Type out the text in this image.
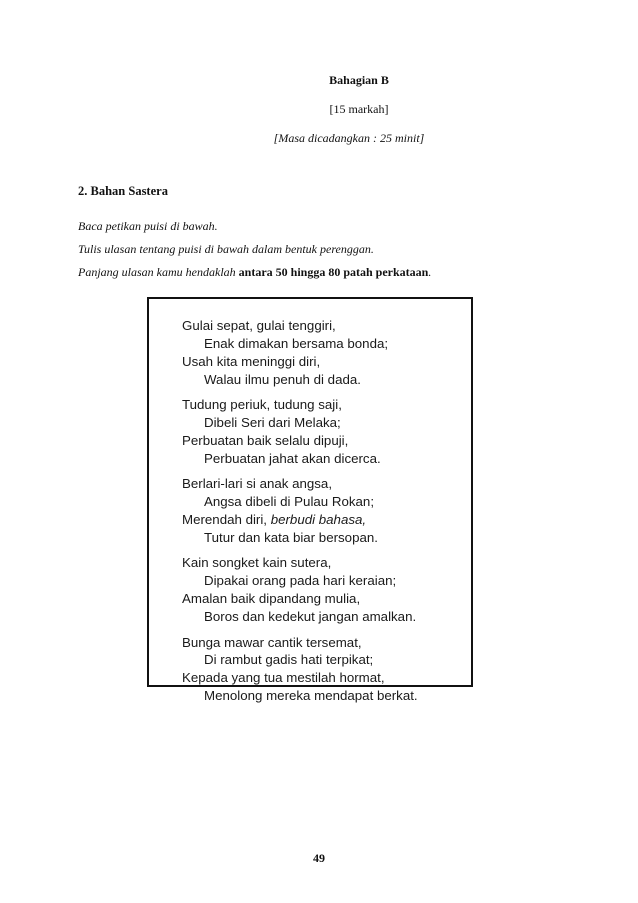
Bahagian B
[15 markah]
[Masa dicadangkan : 25 minit]
2. Bahan Sastera
Baca petikan puisi di bawah.
Tulis ulasan tentang puisi di bawah dalam bentuk perenggan.
Panjang ulasan kamu hendaklah antara 50 hingga 80 patah perkataan.
Gulai sepat, gulai tenggiri,
Enak dimakan bersama bonda;
Usah kita meninggi diri,
Walau ilmu penuh di dada.
Tudung periuk, tudung saji,
Dibeli Seri dari Melaka;
Perbuatan baik selalu dipuji,
Perbuatan jahat akan dicerca.
Berlari-lari si anak angsa,
Angsa dibeli di Pulau Rokan;
Merendah diri, berbudi bahasa,
Tutur dan kata biar bersopan.
Kain songket kain sutera,
Dipakai orang pada hari keraian;
Amalan baik dipandang mulia,
Boros dan kedekut jangan amalkan.
Bunga mawar cantik tersemat,
Di rambut gadis hati terpikat;
Kepada yang tua mestilah hormat,
Menolong mereka mendapat berkat.
49
